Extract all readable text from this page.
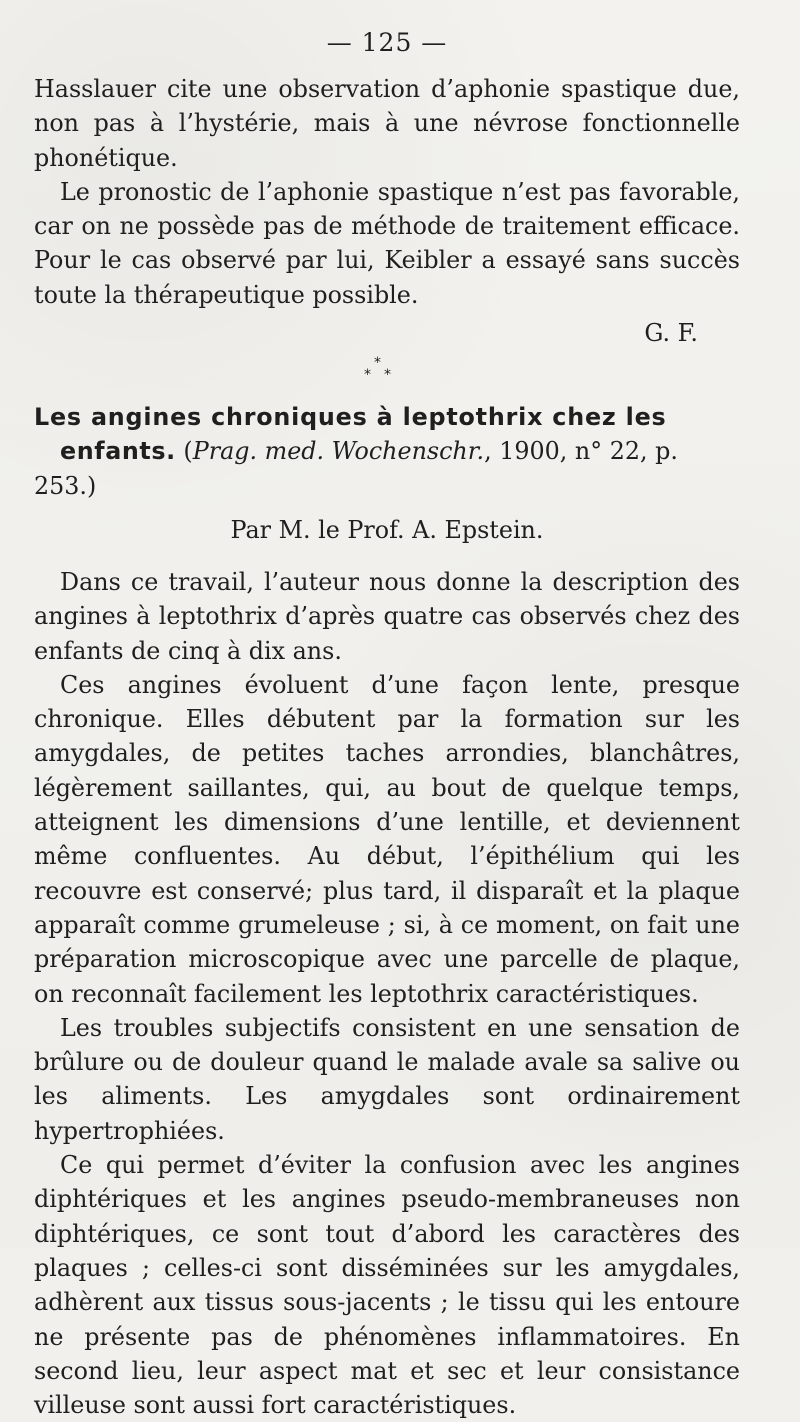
— 125 —

Hasslauer cite une observation d’aphonie spastique due, non pas à l’hystérie, mais à une névrose fonctionnelle phonétique.

Le pronostic de l’aphonie spastique n’est pas favorable, car on ne possède pas de méthode de traitement efficace. Pour le cas observé par lui, Keibler a essayé sans succès toute la thérapeutique possible.

G. F.
*
* *
Les angines chroniques à leptothrix chez les
enfants. (Prag. med. Wochenschr., 1900, n° 22, p. 253.)
Par M. le Prof. A. Epstein.

Dans ce travail, l’auteur nous donne la description des angines à leptothrix d’après quatre cas observés chez des enfants de cinq à dix ans.

Ces angines évoluent d’une façon lente, presque chronique. Elles débutent par la formation sur les amygdales, de petites taches arrondies, blanchâtres, légèrement saillantes, qui, au bout de quelque temps, atteignent les dimensions d’une lentille, et deviennent même confluentes. Au début, l’épithélium qui les recouvre est conservé; plus tard, il disparaît et la plaque apparaît comme grumeleuse ; si, à ce moment, on fait une préparation microscopique avec une parcelle de plaque, on reconnaît facilement les leptothrix caractéristiques.

Les troubles subjectifs consistent en une sensation de brûlure ou de douleur quand le malade avale sa salive ou les aliments. Les amygdales sont ordinairement hypertrophiées.

Ce qui permet d’éviter la confusion avec les angines diphtériques et les angines pseudo-membraneuses non diphtériques, ce sont tout d’abord les caractères des plaques ; celles-ci sont disséminées sur les amygdales, adhèrent aux tissus sous-jacents ; le tissu qui les entoure ne présente pas de phénomènes inflammatoires. En second lieu, leur aspect mat et sec et leur consistance villeuse sont aussi fort caractéristiques.
